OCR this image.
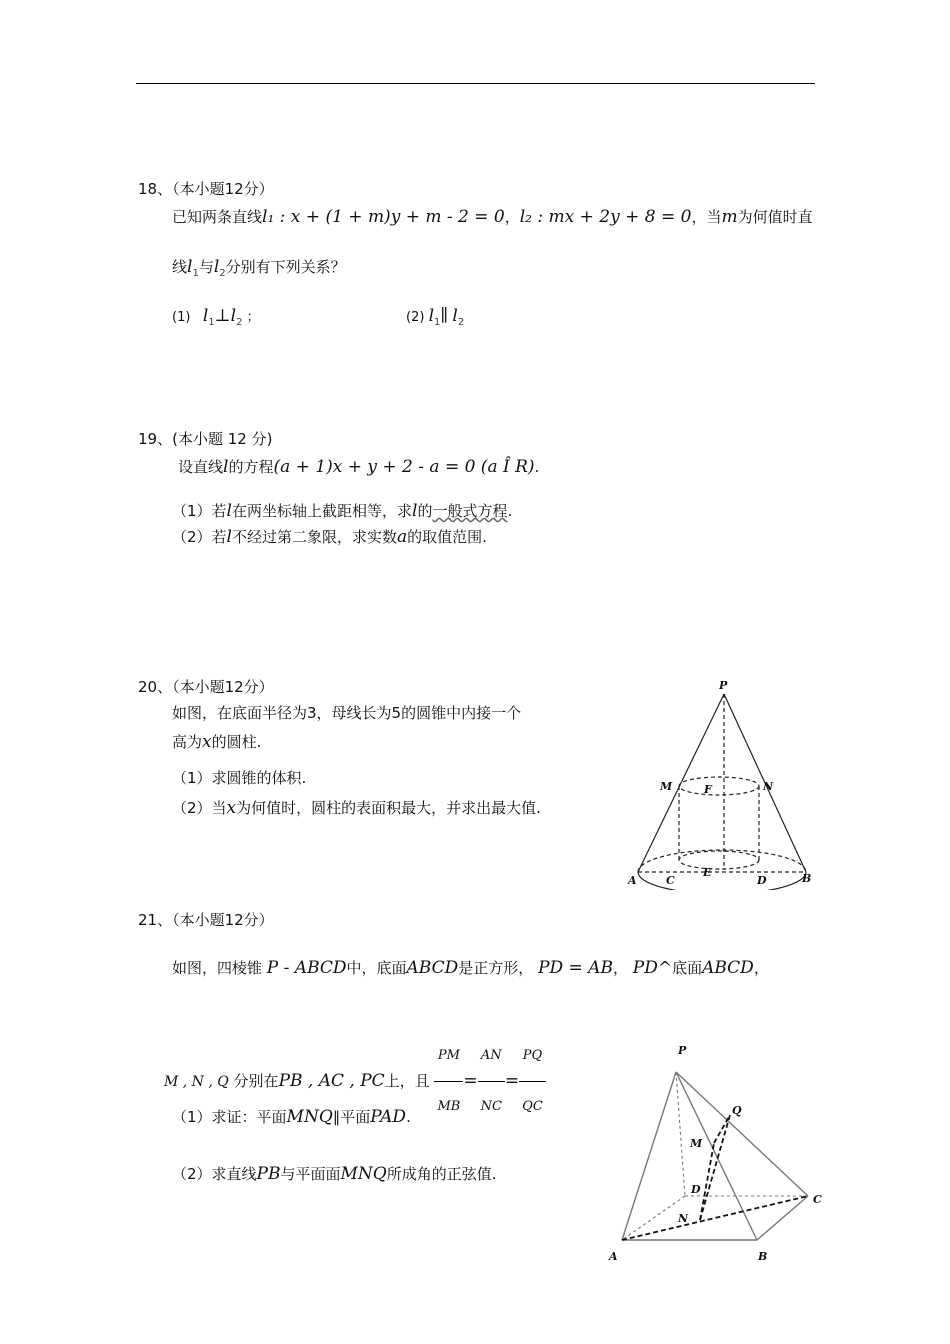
18、（本小题12分）
已知两条直线l₁ : x + (1 + m)y + m - 2 = 0，l₂ : mx + 2y + 8 = 0，当m为何值时直
线$l_1$与$l_2$分别有下列关系？
(1) $l_1\perp l_2$ ；	(2) $l_1\parallel$ $l_2$
19、(本小题 12 分)
设直线l的方程(a + 1)x + y + 2 - a = 0 (a Î R).
（1）若l在两坐标轴上截距相等，求l的一般式方程.
（2）若l不经过第二象限，求实数a的取值范围.
20、（本小题12分）
如图，在底面半径为3，母线长为5的圆锥中内接一个
高为x的圆柱.
（1）求圆锥的体积.
（2）当x为何值时，圆柱的表面积最大，并求出最大值.
P
M	F	N
A	C
E
D	B
21、（本小题12分）
如图，四棱锥 P - ABCD中，底面ABCD是正方形， PD = AB， PD^底面ABCD，
M , N , Q 分别在PB , AC , PC上，且 $\frac{PM}{MB} = \frac{AN}{NC} = \frac{PQ}{QC}$
（1）求证：平面MNQ∥平面PAD.
（2）求直线PB与平面面MNQ所成角的正弦值.
P
Q
M
D
C
N
A	B
